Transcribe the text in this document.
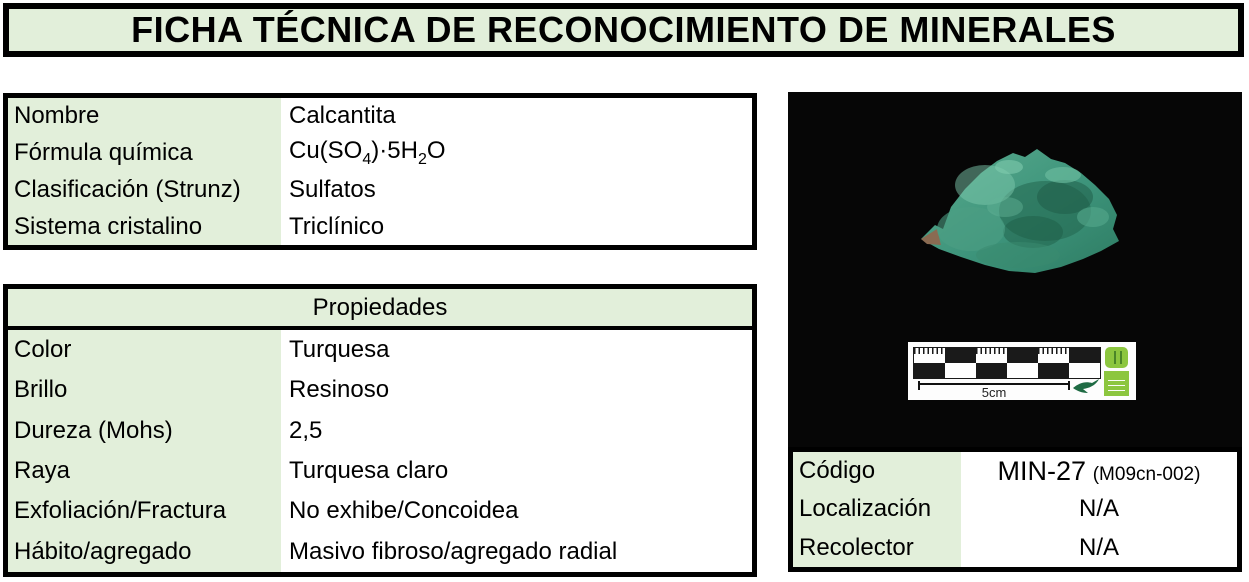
FICHA TÉCNICA DE RECONOCIMIENTO DE MINERALES
Nombre	Calcantita
Fórmula química	$Cu(SO_4)\cdot 5H_2O$
Clasificación (Strunz)	Sulfatos
Sistema cristalino	Triclínico
Propiedades
Color	Turquesa
Brillo	Resinoso
Dureza (Mohs)	2,5
Raya	Turquesa claro
Exfoliación/Fractura	No exhibe/Concoidea
Hábito/agregado	Masivo fibroso/agregado radial
5cm
Código	MIN-27 (M09cn-002)
Localización	N/A
Recolector	N/A
